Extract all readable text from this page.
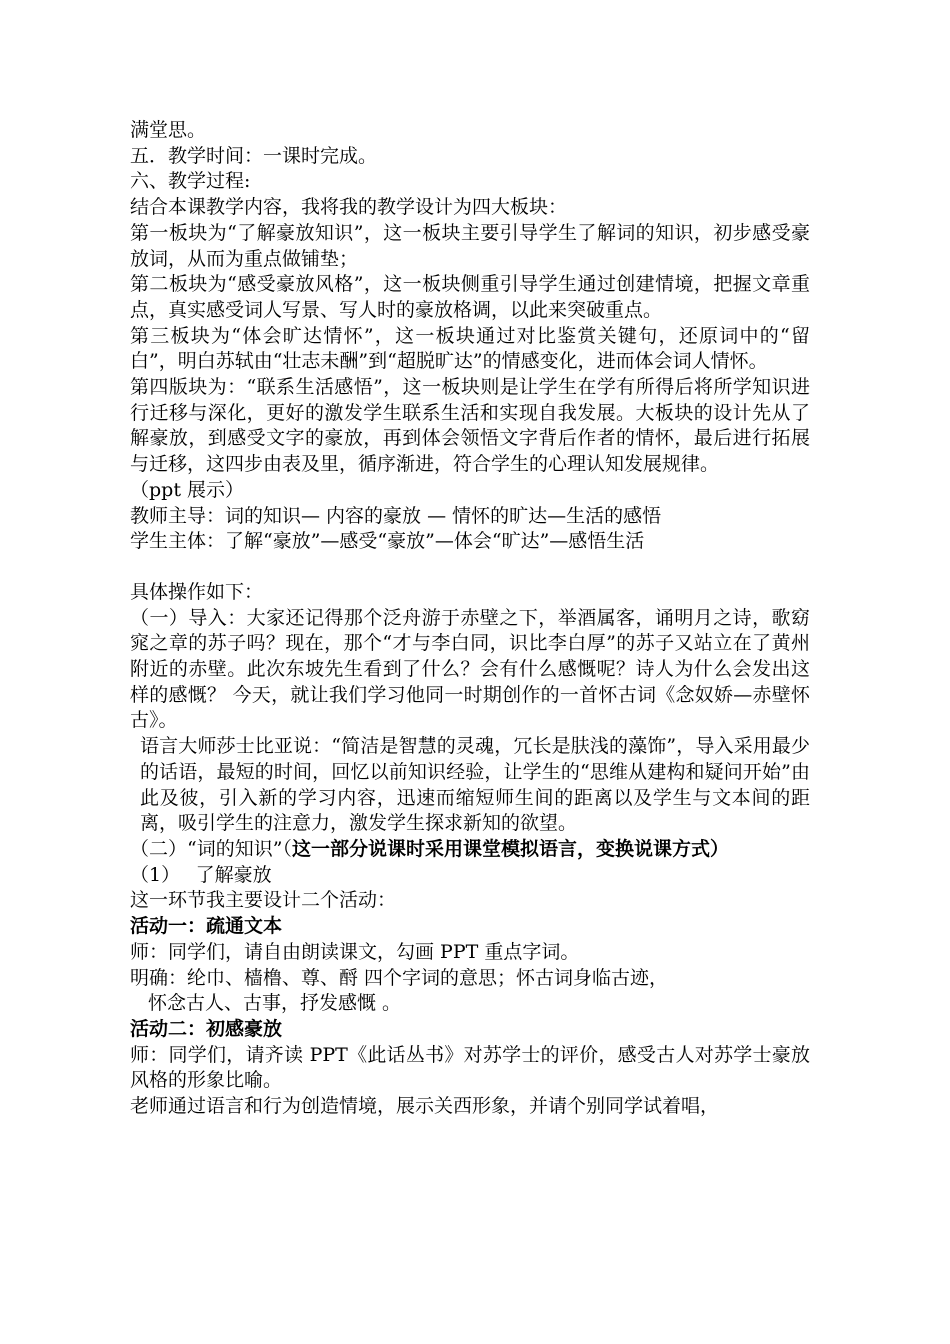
满堂思。
五．教学时间：一课时完成。
六、教学过程:
结合本课教学内容，我将我的教学设计为四大板块：
第一板块为“了解豪放知识”，这一板块主要引导学生了解词的知识，初步感受豪放词，从而为重点做铺垫；
第二板块为“感受豪放风格”，这一板块侧重引导学生通过创建情境，把握文章重点，真实感受词人写景、写人时的豪放格调，以此来突破重点。
第三板块为“体会旷达情怀”，这一板块通过对比鉴赏关键句，还原词中的“留白”，明白苏轼由“壮志未酬”到“超脱旷达”的情感变化，进而体会词人情怀。
第四版块为：“联系生活感悟”，这一板块则是让学生在学有所得后将所学知识进行迁移与深化，更好的激发学生联系生活和实现自我发展。大板块的设计先从了解豪放，到感受文字的豪放，再到体会领悟文字背后作者的情怀，最后进行拓展与迁移，这四步由表及里，循序渐进，符合学生的心理认知发展规律。
（ppt 展示）
教师主导：词的知识— 内容的豪放 — 情怀的旷达—生活的感悟
学生主体：了解“豪放”—感受“豪放”—体会“旷达”—感悟生活
具体操作如下：
（一）导入：大家还记得那个泛舟游于赤壁之下，举酒属客，诵明月之诗，歌窈窕之章的苏子吗？现在，那个“才与李白同，识比李白厚”的苏子又站立在了黄州附近的赤壁。此次东坡先生看到了什么？会有什么感慨呢？诗人为什么会发出这样的感慨？ 今天，就让我们学习他同一时期创作的一首怀古词《念奴娇—赤壁怀古》。
语言大师莎士比亚说：“简洁是智慧的灵魂，冗长是肤浅的藻饰”，导入采用最少的话语，最短的时间，回忆以前知识经验，让学生的“思维从建构和疑问开始”由此及彼，引入新的学习内容，迅速而缩短师生间的距离以及学生与文本间的距离，吸引学生的注意力，激发学生探求新知的欲望。
（二）“词的知识”（这一部分说课时采用课堂模拟语言，变换说课方式）
（1）　 了解豪放
这一环节我主要设计二个活动：
活动一：疏通文本
师：同学们，请自由朗读课文，勾画 PPT 重点字词。
明确：纶巾、樯橹、尊、酹 四个字词的意思；怀古词身临古迹，
怀念古人、古事，抒发感慨 。
活动二：初感豪放
师：同学们，请齐读 PPT《此话丛书》对苏学士的评价，感受古人对苏学士豪放风格的形象比喻。
老师通过语言和行为创造情境，展示关西形象，并请个别同学试着唱，
